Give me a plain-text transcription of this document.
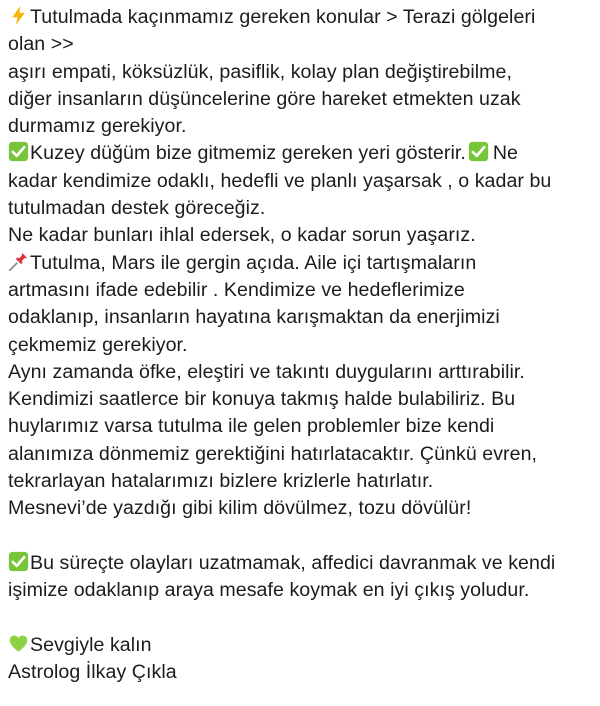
Tutulmada kaçınmamız gereken konular > Terazi gölgeleri
olan >>
aşırı empati, köksüzlük, pasiflik, kolay plan değiştirebilme,
diğer insanların düşüncelerine göre hareket etmekten uzak
durmamız gerekiyor.
Kuzey düğüm bize gitmemiz gereken yeri gösterir. Ne
kadar kendimize odaklı, hedefli ve planlı yaşarsak , o kadar bu
tutulmadan destek göreceğiz.
Ne kadar bunları ihlal edersek, o kadar sorun yaşarız.
Tutulma, Mars ile gergin açıda. Aile içi tartışmaların
artmasını ifade edebilir . Kendimize ve hedeflerimize
odaklanıp, insanların hayatına karışmaktan da enerjimizi
çekmemiz gerekiyor.
Aynı zamanda öfke, eleştiri ve takıntı duygularını arttırabilir.
Kendimizi saatlerce bir konuya takmış halde bulabiliriz. Bu
huylarımız varsa tutulma ile gelen problemler bize kendi
alanımıza dönmemiz gerektiğini hatırlatacaktır. Çünkü evren,
tekrarlayan hatalarımızı bizlere krizlerle hatırlatır.
Mesnevi’de yazdığı gibi kilim dövülmez, tozu dövülür!
Bu süreçte olayları uzatmamak, affedici davranmak ve kendi
işimize odaklanıp araya mesafe koymak en iyi çıkış yoludur.
Sevgiyle kalın
Astrolog İlkay Çıkla
